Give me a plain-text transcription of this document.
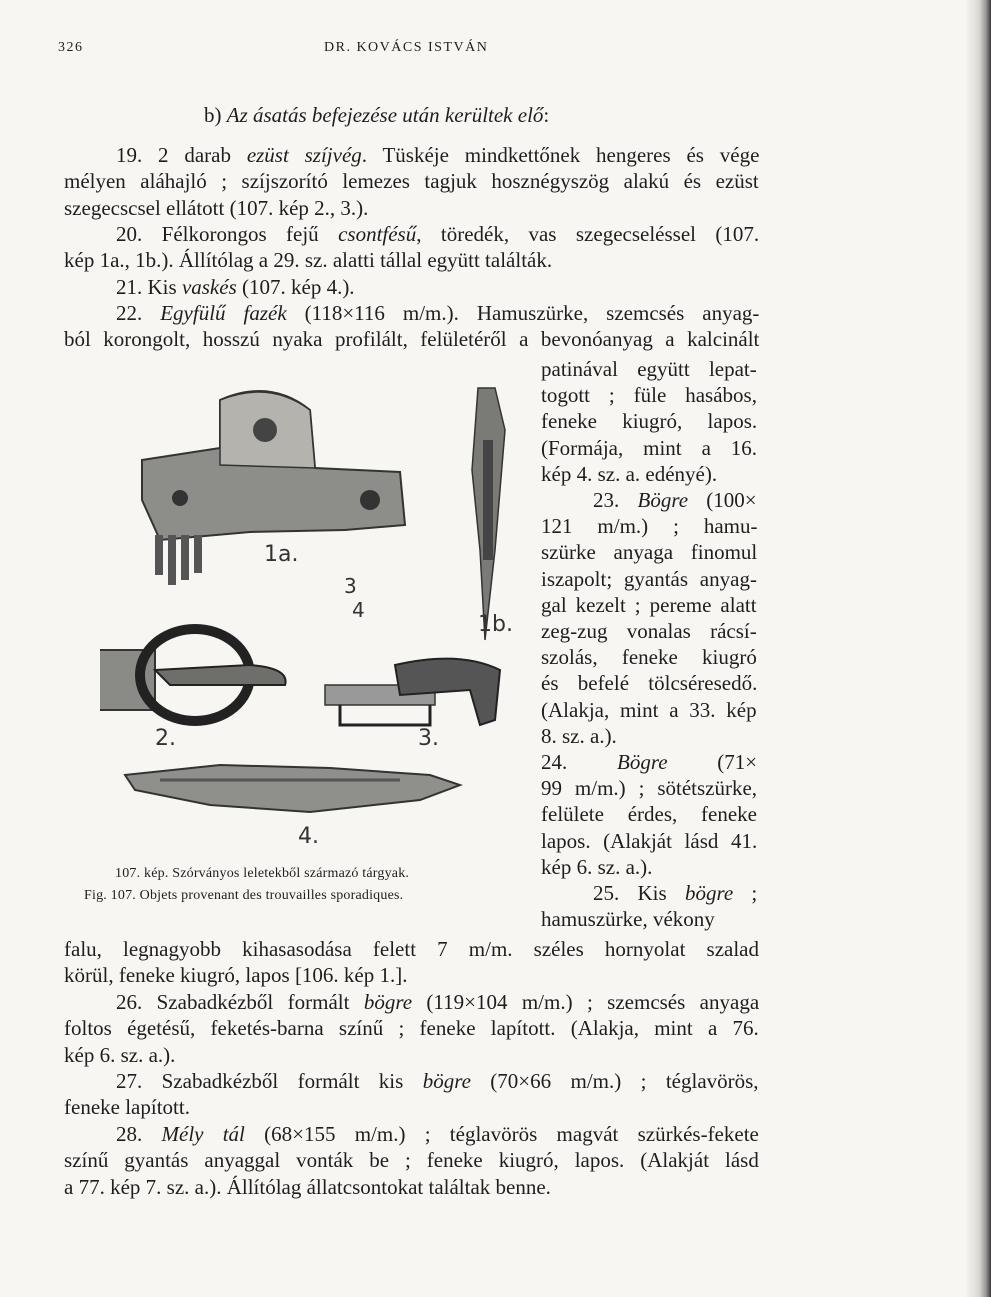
326	DR. KOVÁCS ISTVÁN
b) Az ásatás befejezése után kerültek elő:
19. 2 darab ezüst szíjvég. Tüskéje mindkettőnek hengeres és vége
mélyen aláhajló ; szíjszorító lemezes tagjuk hosznégyszög alakú és ezüst
szegecscsel ellátott (107. kép 2., 3.).
20. Félkorongos fejű csontfésű, töredék, vas szegecseléssel (107.
kép 1a., 1b.). Állítólag a 29. sz. alatti tállal együtt találták.
21. Kis vaskés (107. kép 4.).
22. Egyfülű fazék (118×116 m/m.). Hamuszürke, szemcsés anyag-
ból korongolt, hosszú nyaka profilált, felületéről a bevonóanyag a kalcinált
patinával együtt lepat-
togott ; füle hasábos,
feneke kiugró, lapos.
(Formája, mint a 16.
kép 4. sz. a. edényé).
23. Bögre (100×
121 m/m.) ; hamu-
szürke anyaga finomul
iszapolt; gyantás anyag-
gal kezelt ; pereme alatt
zeg-zug vonalas rácsí-
szolás, feneke kiugró
és befelé tölcséresedő.
(Alakja, mint a 33. kép
8. sz. a.).
24. Bögre (71×
99 m/m.) ; sötétszürke,
felülete érdes, feneke
lapos. (Alakját lásd 41.
kép 6. sz. a.).
25. Kis bögre ;
hamuszürke, vékony
falu, legnagyobb kihasasodása felett 7 m/m. széles hornyolat szalad
körül, feneke kiugró, lapos [106. kép 1.].
26. Szabadkézből formált bögre (119×104 m/m.) ; szemcsés anyaga
foltos égetésű, feketés-barna színű ; feneke lapított. (Alakja, mint a 76.
kép 6. sz. a.).
27. Szabadkézből formált kis bögre (70×66 m/m.) ; téglavörös,
feneke lapított.
28. Mély tál (68×155 m/m.) ; téglavörös magvát szürkés-fekete
színű gyantás anyaggal vonták be ; feneke kiugró, lapos. (Alakját lásd
a 77. kép 7. sz. a.). Állítólag állatcsontokat találtak benne.
1a.
3
4
1b.
2.	3.
4.
107. kép. Szórványos leletekből származó tárgyak.
Fig. 107. Objets provenant des trouvailles sporadiques.
